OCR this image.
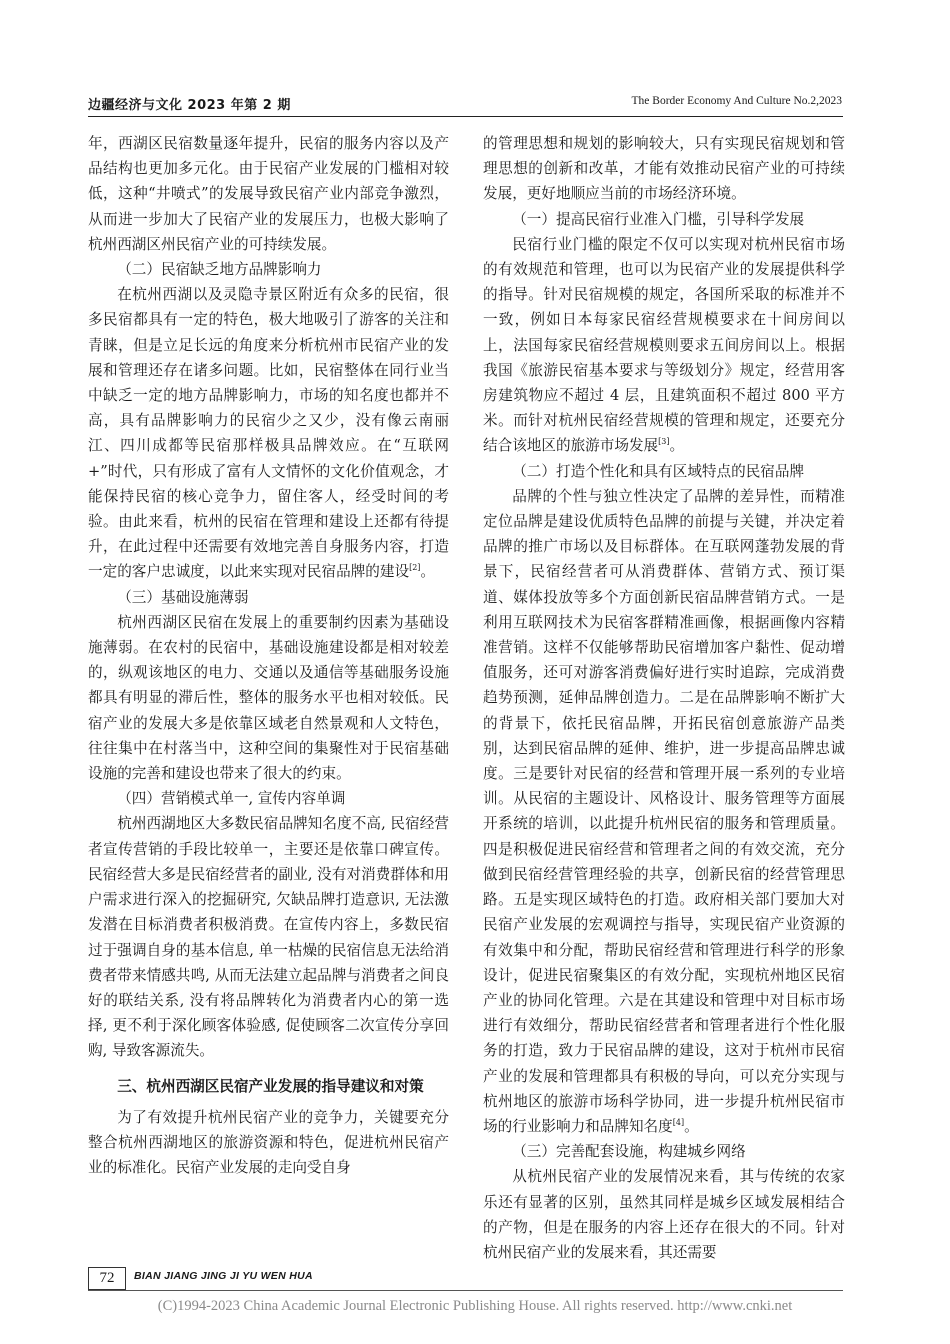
边疆经济与文化 2023 年第 2 期	The Border Economy And Culture No.2,2023

年，西湖区民宿数量逐年提升，民宿的服务内容以及产品结构也更加多元化。由于民宿产业发展的门槛相对较低，这种“井喷式”的发展导致民宿产业内部竞争激烈，从而进一步加大了民宿产业的发展压力，也极大影响了杭州西湖区州民宿产业的可持续发展。

（二）民宿缺乏地方品牌影响力

在杭州西湖以及灵隐寺景区附近有众多的民宿，很多民宿都具有一定的特色，极大地吸引了游客的关注和青睐，但是立足长远的角度来分析杭州市民宿产业的发展和管理还存在诸多问题。比如，民宿整体在同行业当中缺乏一定的地方品牌影响力，市场的知名度也都并不高，具有品牌影响力的民宿少之又少，没有像云南丽江、四川成都等民宿那样极具品牌效应。在“互联网+”时代，只有形成了富有人文情怀的文化价值观念，才能保持民宿的核心竞争力，留住客人，经受时间的考验。由此来看，杭州的民宿在管理和建设上还都有待提升，在此过程中还需要有效地完善自身服务内容，打造一定的客户忠诚度，以此来实现对民宿品牌的建设[2]。

（三）基础设施薄弱

杭州西湖区民宿在发展上的重要制约因素为基础设施薄弱。在农村的民宿中，基础设施建设都是相对较差的，纵观该地区的电力、交通以及通信等基础服务设施都具有明显的滞后性，整体的服务水平也相对较低。民宿产业的发展大多是依靠区域老自然景观和人文特色，往往集中在村落当中，这种空间的集聚性对于民宿基础设施的完善和建设也带来了很大的约束。

（四）营销模式单一, 宣传内容单调

杭州西湖地区大多数民宿品牌知名度不高, 民宿经营者宣传营销的手段比较单一，主要还是依靠口碑宣传。民宿经营大多是民宿经营者的副业, 没有对消费群体和用户需求进行深入的挖掘研究, 欠缺品牌打造意识, 无法激发潜在目标消费者积极消费。在宣传内容上，多数民宿过于强调自身的基本信息, 单一枯燥的民宿信息无法给消费者带来情感共鸣, 从而无法建立起品牌与消费者之间良好的联结关系, 没有将品牌转化为消费者内心的第一选择, 更不利于深化顾客体验感, 促使顾客二次宣传分享回购, 导致客源流失。

三、杭州西湖区民宿产业发展的指导建议和对策

为了有效提升杭州民宿产业的竞争力，关键要充分整合杭州西湖地区的旅游资源和特色，促进杭州民宿产业的标准化。民宿产业发展的走向受自身

的管理思想和规划的影响较大，只有实现民宿规划和管理思想的创新和改革，才能有效推动民宿产业的可持续发展，更好地顺应当前的市场经济环境。

（一）提高民宿行业准入门槛，引导科学发展

民宿行业门槛的限定不仅可以实现对杭州民宿市场的有效规范和管理，也可以为民宿产业的发展提供科学的指导。针对民宿规模的规定，各国所采取的标准并不一致，例如日本每家民宿经营规模要求在十间房间以上，法国每家民宿经营规模则要求五间房间以上。根据我国《旅游民宿基本要求与等级划分》规定，经营用客房建筑物应不超过 4 层，且建筑面积不超过 800 平方米。而针对杭州民宿经营规模的管理和规定，还要充分结合该地区的旅游市场发展[3]。

（二）打造个性化和具有区域特点的民宿品牌

品牌的个性与独立性决定了品牌的差异性，而精准定位品牌是建设优质特色品牌的前提与关键，并决定着品牌的推广市场以及目标群体。在互联网蓬勃发展的背景下，民宿经营者可从消费群体、营销方式、预订渠道、媒体投放等多个方面创新民宿品牌营销方式。一是利用互联网技术为民宿客群精准画像，根据画像内容精准营销。这样不仅能够帮助民宿增加客户黏性、促动增值服务，还可对游客消费偏好进行实时追踪，完成消费趋势预测，延伸品牌创造力。二是在品牌影响不断扩大的背景下，依托民宿品牌，开拓民宿创意旅游产品类别，达到民宿品牌的延伸、维护，进一步提高品牌忠诚度。三是要针对民宿的经营和管理开展一系列的专业培训。从民宿的主题设计、风格设计、服务管理等方面展开系统的培训，以此提升杭州民宿的服务和管理质量。四是积极促进民宿经营和管理者之间的有效交流，充分做到民宿经营管理经验的共享，创新民宿的经营管理思路。五是实现区域特色的打造。政府相关部门要加大对民宿产业发展的宏观调控与指导，实现民宿产业资源的有效集中和分配，帮助民宿经营和管理进行科学的形象设计，促进民宿聚集区的有效分配，实现杭州地区民宿产业的协同化管理。六是在其建设和管理中对目标市场进行有效细分，帮助民宿经营者和管理者进行个性化服务的打造，致力于民宿品牌的建设，这对于杭州市民宿产业的发展和管理都具有积极的导向，可以充分实现与杭州地区的旅游市场科学协同，进一步提升杭州民宿市场的行业影响力和品牌知名度[4]。

（三）完善配套设施，构建城乡网络

从杭州民宿产业的发展情况来看，其与传统的农家乐还有显著的区别，虽然其同样是城乡区域发展相结合的产物，但是在服务的内容上还存在很大的不同。针对杭州民宿产业的发展来看，其还需要

72	BIAN JIANG JING JI YU WEN HUA
(C)1994-2023 China Academic Journal Electronic Publishing House. All rights reserved. http://www.cnki.net
